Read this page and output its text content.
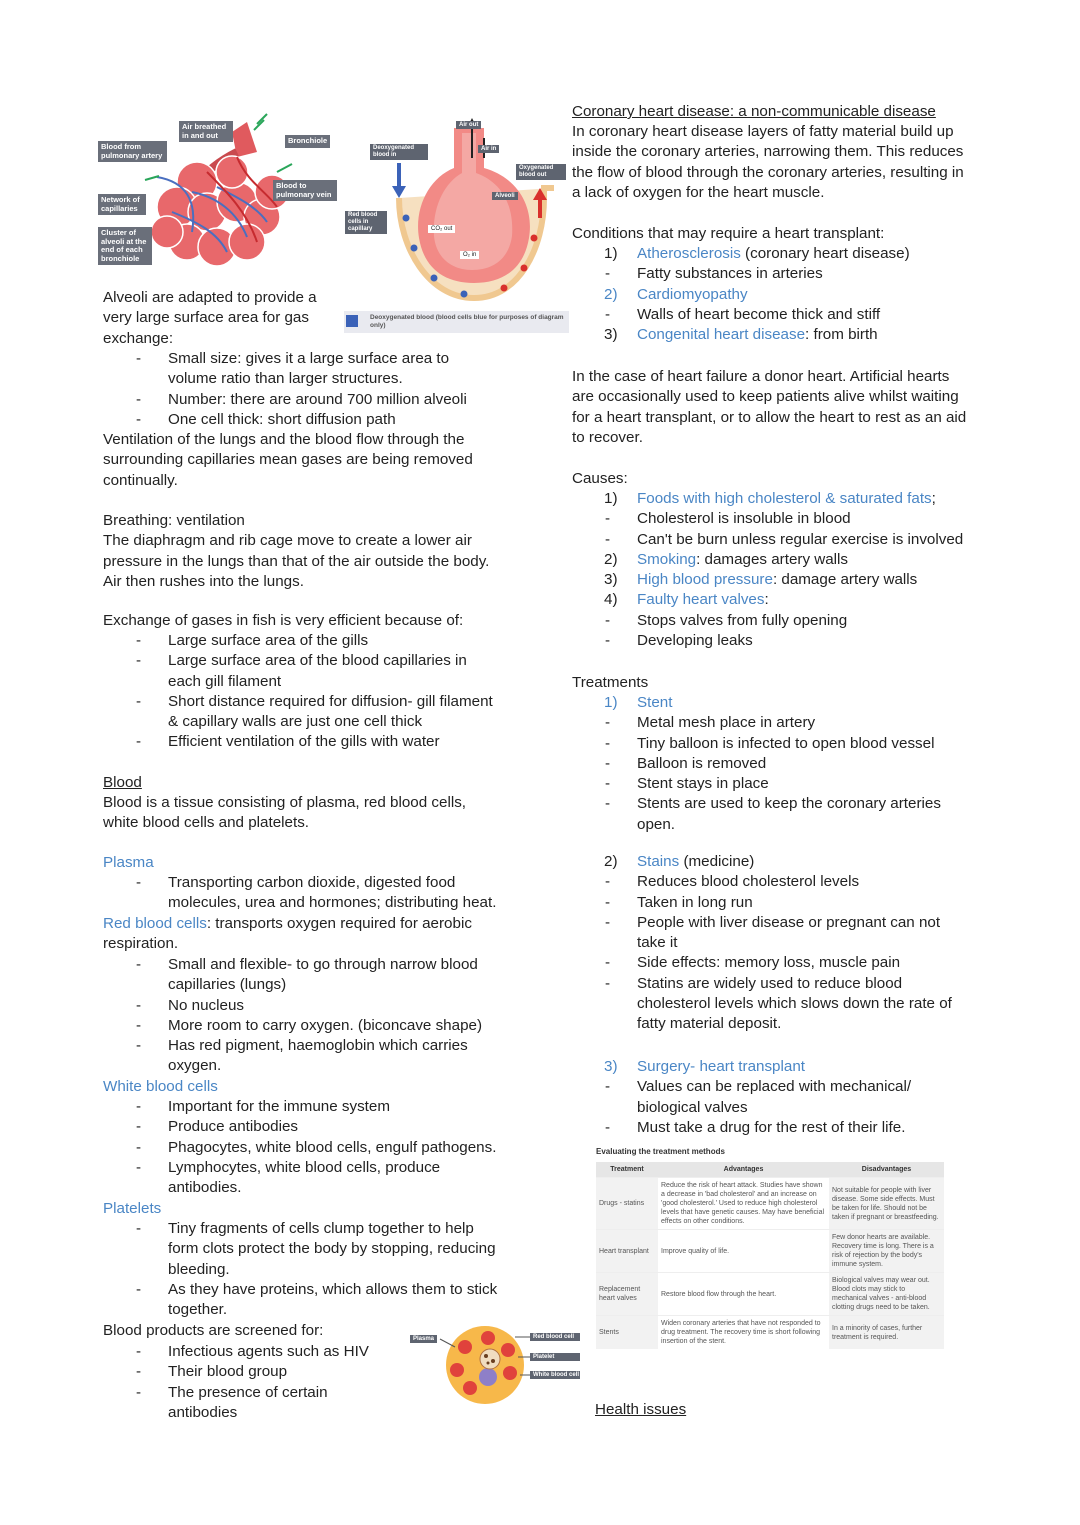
Air breathed in and out
Bronchiole
Blood from pulmonary artery
Blood to pulmonary vein
Network of capillaries
Cluster of alveoli at the end of each bronchiole
Air out
Air in
Deoxygenated blood in
Oxygenated blood out
Alveoli
Red blood cells in capillary	CO₂ out
O₂ in
Deoxygenated blood (blood cells blue for purposes of diagram only)
Alveoli are adapted to provide a
very large surface area for gas
exchange:
- Small size: gives it a large surface area to
volume ratio than larger structures.
- Number: there are around 700 million alveoli
- One cell thick: short diffusion path
Ventilation of the lungs and the blood flow through the
surrounding capillaries mean gases are being removed
continually.
Breathing: ventilation
The diaphragm and rib cage move to create a lower air
pressure in the lungs than that of the air outside the body.
Air then rushes into the lungs.
Exchange of gases in fish is very efficient because of:
- Large surface area of the gills
- Large surface area of the blood capillaries in
each gill filament
- Short distance required for diffusion- gill filament
& capillary walls are just one cell thick
- Efficient ventilation of the gills with water
Blood
Blood is a tissue consisting of plasma, red blood cells,
white blood cells and platelets.
Plasma
- Transporting carbon dioxide, digested food
molecules, urea and hormones; distributing heat.
Red blood cells: transports oxygen required for aerobic
respiration.
- Small and flexible- to go through narrow blood
capillaries (lungs)
- No nucleus
- More room to carry oxygen. (biconcave shape)
- Has red pigment, haemoglobin which carries
oxygen.
White blood cells
- Important for the immune system
- Produce antibodies
- Phagocytes, white blood cells, engulf pathogens.
- Lymphocytes, white blood cells, produce
antibodies.
Platelets
- Tiny fragments of cells clump together to help
form clots protect the body by stopping, reducing
bleeding.
- As they have proteins, which allows them to stick
together.
Blood products are screened for:
- Infectious agents such as HIV
- Their blood group
- The presence of certain
antibodies
Plasma	Red blood cell
Platelet
White blood cell
Coronary heart disease: a non-communicable disease
In coronary heart disease layers of fatty material build up
inside the coronary arteries, narrowing them. This reduces
the flow of blood through the coronary arteries, resulting in
a lack of oxygen for the heart muscle.
Conditions that may require a heart transplant:
1)	Atherosclerosis (coronary heart disease)
- Fatty substances in arteries
2)	Cardiomyopathy
- Walls of heart become thick and stiff
3)	Congenital heart disease: from birth
In the case of heart failure a donor heart. Artificial hearts
are occasionally used to keep patients alive whilst waiting
for a heart transplant, or to allow the heart to rest as an aid
to recover.
Causes:
1)	Foods with high cholesterol & saturated fats;
- Cholesterol is insoluble in blood
- Can't be burn unless regular exercise is involved
2)	Smoking: damages artery walls
3)	High blood pressure: damage artery walls
4)	Faulty heart valves:
- Stops valves from fully opening
- Developing leaks
Treatments
1)	Stent
- Metal mesh place in artery
- Tiny balloon is infected to open blood vessel
- Balloon is removed
- Stent stays in place
- Stents are used to keep the coronary arteries
open.
2)	Stains (medicine)
- Reduces blood cholesterol levels
- Taken in long run
- People with liver disease or pregnant can not
take it
- Side effects: memory loss, muscle pain
- Statins are widely used to reduce blood
cholesterol levels which slows down the rate of
fatty material deposit.
3)	Surgery- heart transplant
- Values can be replaced with mechanical/
biological valves
- Must take a drug for the rest of their life.
Evaluating the treatment methods
Treatment	Advantages	Disadvantages
Drugs - statins	Reduce the risk of heart attack. Studies have shown a decrease in 'bad cholesterol' and an increase on 'good cholesterol.' Used to reduce high cholesterol levels that have genetic causes. May have beneficial effects on other conditions.	Not suitable for people with liver disease. Some side effects. Must be taken for life. Should not be taken if pregnant or breastfeeding.
Heart transplant	Improve quality of life.	Few donor hearts are available. Recovery time is long. There is a risk of rejection by the body's immune system.
Replacement heart valves	Restore blood flow through the heart.	Biological valves may wear out. Blood clots may stick to mechanical valves - anti-blood clotting drugs need to be taken.
Stents	Widen coronary arteries that have not responded to drug treatment. The recovery time is short following insertion of the stent.	In a minority of cases, further treatment is required.
Health issues
